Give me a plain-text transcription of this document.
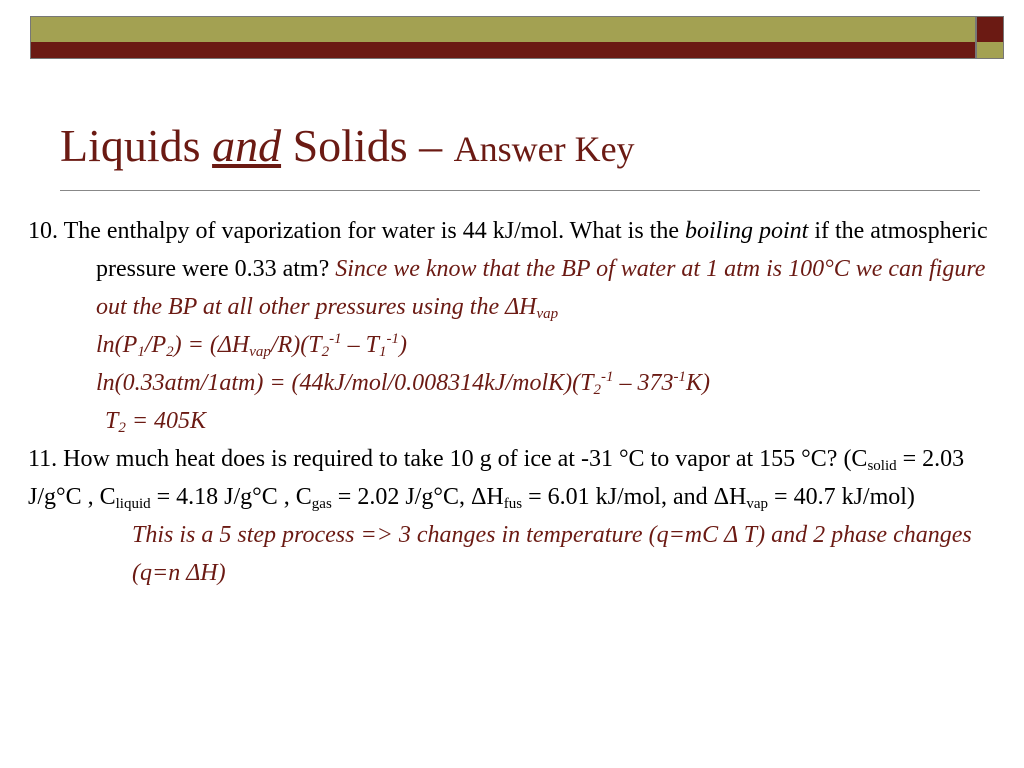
Liquids and Solids – Answer Key

10. The enthalpy of vaporization for water is 44 kJ/mol. What is the boiling point if the atmospheric pressure were 0.33 atm? Since we know that the BP of water at 1 atm is 100°C we can figure out the BP at all other pressures using the $\Delta H_{vap}$

$\ln(P_1/P_2) = (\Delta H_{vap}/R)(T_2^{-1} - T_1^{-1})$

$\ln(0.33atm/1atm) = (44kJ/mol/0.008314kJ/molK)(T_2^{-1} - 373^{-1}K)$

$T_2 = 405K$

11. How much heat does is required to take 10 g of ice at -31 °C to vapor at 155 °C? ($C_{solid} = 2.03$ J/g°C , $C_{liquid} = 4.18$ J/g°C , $C_{gas} = 2.02$ J/g°C, $\Delta H_{fus} = 6.01$ kJ/mol, and $\Delta H_{vap} = 40.7$ kJ/mol)

This is a 5 step process => 3 changes in temperature (q=mC Δ T) and 2 phase changes (q=n ΔH)
